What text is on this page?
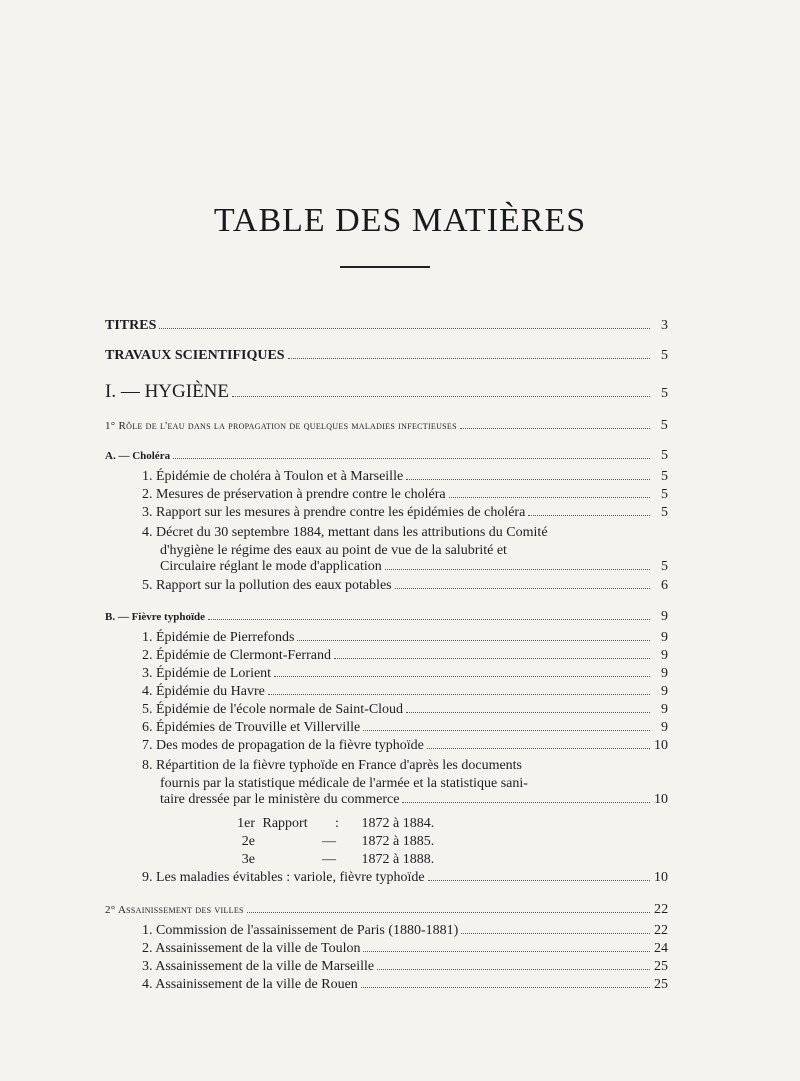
TABLE DES MATIÈRES
TITRES	3
TRAVAUX SCIENTIFIQUES	5
I. — HYGIÈNE	5
1° Rôle de l'eau dans la propagation de quelques maladies infectieuses	5
A. — Choléra	5
1. Épidémie de choléra à Toulon et à Marseille	5
2. Mesures de préservation à prendre contre le choléra	5
3. Rapport sur les mesures à prendre contre les épidémies de choléra	5
4. Décret du 30 septembre 1884, mettant dans les attributions du Comité
d'hygiène le régime des eaux au point de vue de la salubrité et
Circulaire réglant le mode d'application	5
5. Rapport sur la pollution des eaux potables	6
B. — Fièvre typhoïde	9
1. Épidémie de Pierrefonds	9
2. Épidémie de Clermont-Ferrand	9
3. Épidémie de Lorient	9
4. Épidémie du Havre	9
5. Épidémie de l'école normale de Saint-Cloud	9
6. Épidémies de Trouville et Villerville	9
7. Des modes de propagation de la fièvre typhoïde	10
8. Répartition de la fièvre typhoïde en France d'après les documents
fournis par la statistique médicale de l'armée et la statistique sani-
taire dressée par le ministère du commerce	10
1er Rapport : 1872 à 1884.
2e	— 1872 à 1885.
3e	— 1872 à 1888.
9. Les maladies évitables : variole, fièvre typhoïde	10
2° Assainissement des villes	22
1. Commission de l'assainissement de Paris (1880-1881)	22
2. Assainissement de la ville de Toulon	24
3. Assainissement de la ville de Marseille	25
4. Assainissement de la ville de Rouen	25
